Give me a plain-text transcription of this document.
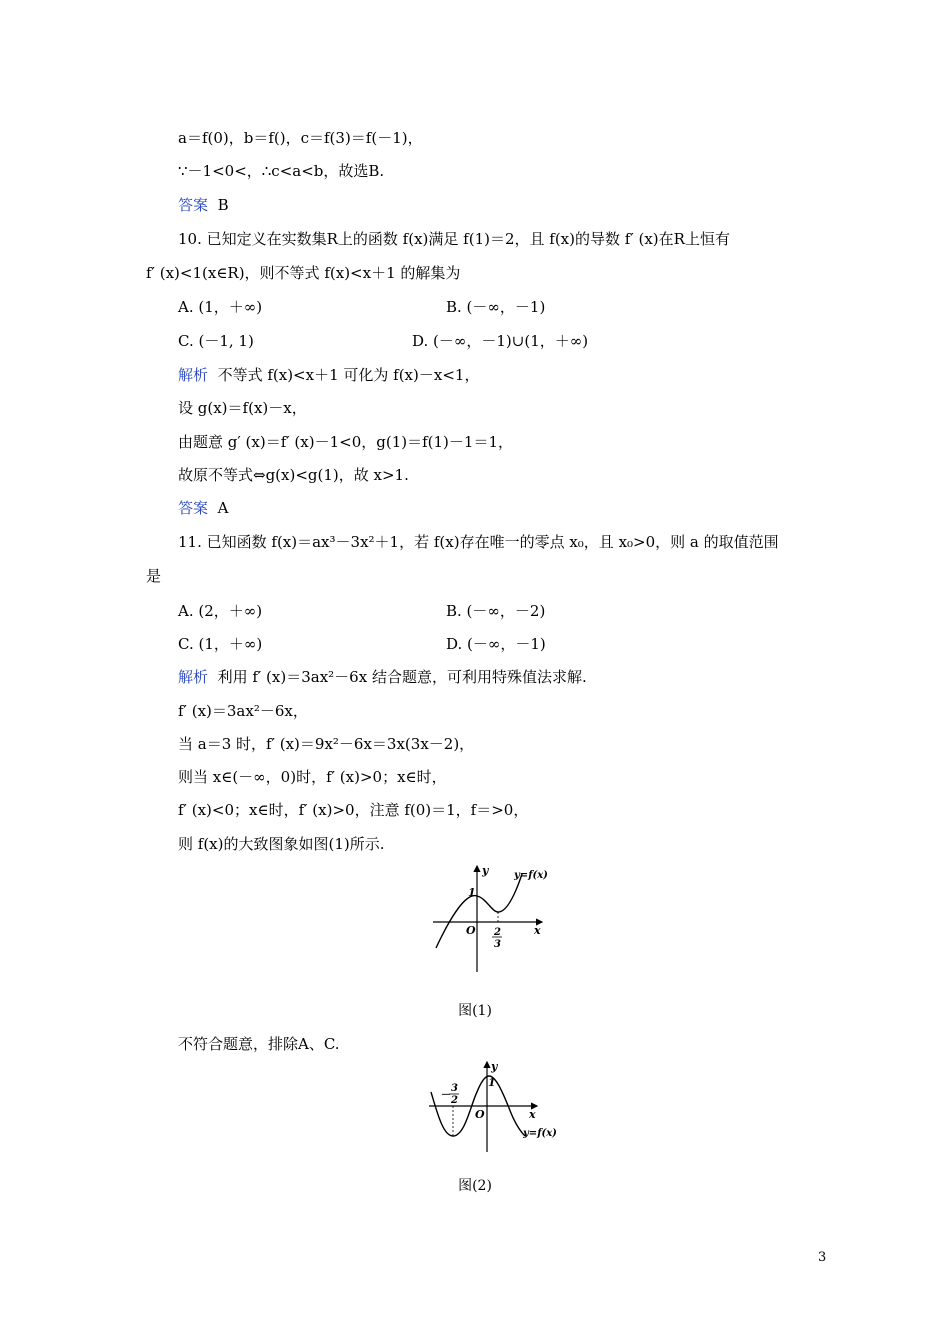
a＝f(0)，b＝f()，c＝f(3)＝f(－1)，
∵－1<0<，∴c<a<b，故选B.
答案 B
10. 已知定义在实数集R上的函数 f(x)满足 f(1)＝2，且 f(x)的导数 f′ (x)在R上恒有
f′ (x)<1(x∈R)，则不等式 f(x)<x＋1 的解集为
A. (1，＋∞)	B. (－∞，－1)
C. (－1, 1)	D. (－∞，－1)∪(1，＋∞)
解析 不等式 f(x)<x＋1 可化为 f(x)－x<1，
设 g(x)＝f(x)－x，
由题意 g′ (x)＝f′ (x)－1<0，g(1)＝f(1)－1＝1，
故原不等式⇔g(x)<g(1)，故 x>1.
答案 A
11. 已知函数 f(x)＝ax³－3x²＋1，若 f(x)存在唯一的零点 x₀，且 x₀>0，则 a 的取值范围
是
A. (2，＋∞)	B. (－∞，－2)
C. (1，＋∞)	D. (－∞，－1)
解析 利用 f′ (x)＝3ax²－6x 结合题意，可利用特殊值法求解.
f′ (x)＝3ax²－6x，
当 a＝3 时，f′ (x)＝9x²－6x＝3x(3x－2)，
则当 x∈(－∞，0)时，f′ (x)>0；x∈时，
f′ (x)<0；x∈时，f′ (x)>0，注意 f(0)＝1，f＝>0，
则 f(x)的大致图象如图(1)所示.
y
x
O
1
y=f(x)
2
3
图(1)
不符合题意，排除A、C.
y
x
O
1
y=f(x)
－
3
2
图(2)
3
